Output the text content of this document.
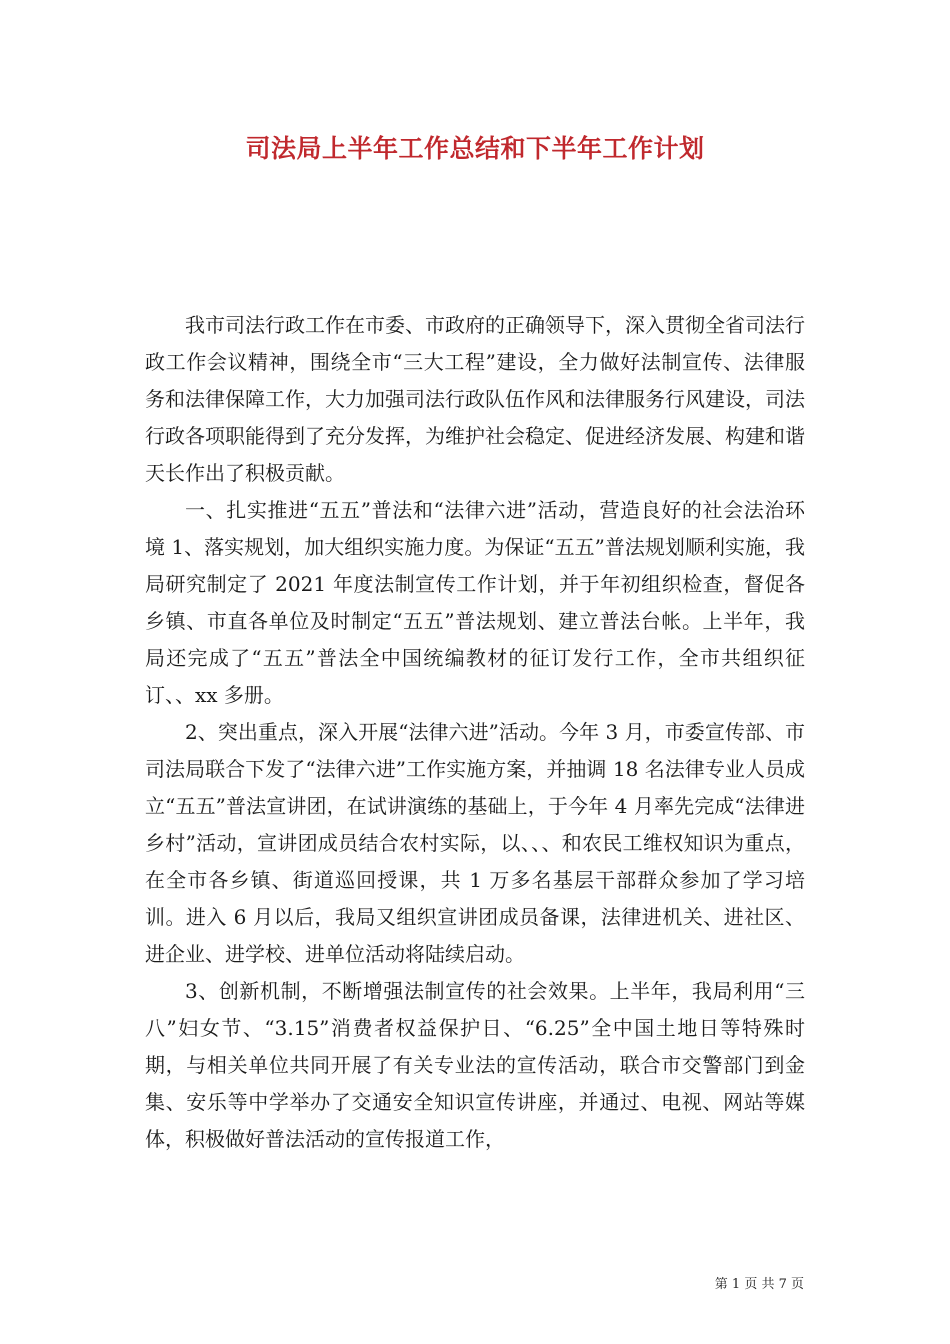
司法局上半年工作总结和下半年工作计划

我市司法行政工作在市委、市政府的正确领导下，深入贯彻全省司法行政工作会议精神，围绕全市“三大工程”建设，全力做好法制宣传、法律服务和法律保障工作，大力加强司法行政队伍作风和法律服务行风建设，司法行政各项职能得到了充分发挥，为维护社会稳定、促进经济发展、构建和谐天长作出了积极贡献。

一、扎实推进“五五”普法和“法律六进”活动，营造良好的社会法治环境 1、落实规划，加大组织实施力度。为保证“五五”普法规划顺利实施，我局研究制定了 2021 年度法制宣传工作计划，并于年初组织检查，督促各乡镇、市直各单位及时制定“五五”普法规划、建立普法台帐。上半年，我局还完成了“五五”普法全中国统编教材的征订发行工作，全市共组织征订、、xx 多册。

2、突出重点，深入开展“法律六进”活动。今年 3 月，市委宣传部、市司法局联合下发了“法律六进”工作实施方案，并抽调 18 名法律专业人员成立“五五”普法宣讲团，在试讲演练的基础上，于今年 4 月率先完成“法律进乡村”活动，宣讲团成员结合农村实际，以、、、和农民工维权知识为重点，在全市各乡镇、街道巡回授课，共 1 万多名基层干部群众参加了学习培训。进入 6 月以后，我局又组织宣讲团成员备课，法律进机关、进社区、进企业、进学校、进单位活动将陆续启动。

3、创新机制，不断增强法制宣传的社会效果。上半年，我局利用“三八”妇女节、“3.15”消费者权益保护日、“6.25”全中国土地日等特殊时期，与相关单位共同开展了有关专业法的宣传活动，联合市交警部门到金集、安乐等中学举办了交通安全知识宣传讲座，并通过、电视、网站等媒体，积极做好普法活动的宣传报道工作，

第 1 页 共 7 页
